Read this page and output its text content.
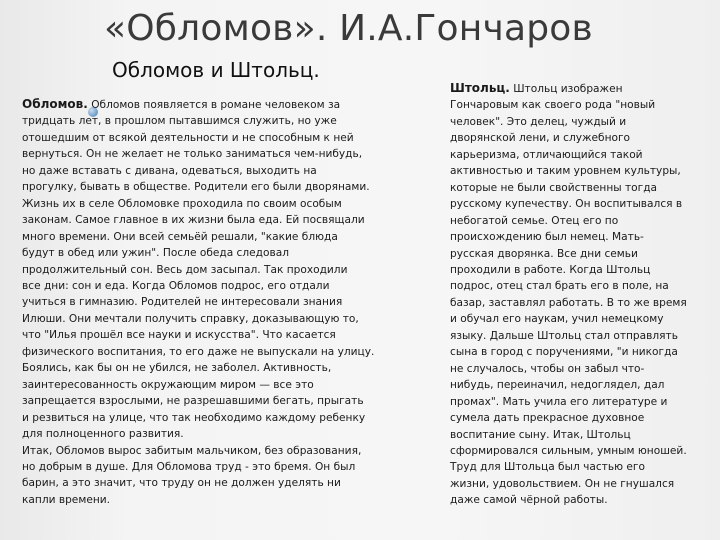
«Обломов». И.А.Гончаров
Обломов и Штольц.
Обломов. Обломов появляется в романе человеком за
тридцать лет, в прошлом пытавшимся служить, но уже
отошедшим от всякой деятельности и не способным к ней
вернуться. Он не желает не только заниматься чем-нибудь,
но даже вставать с дивана, одеваться, выходить на
прогулку, бывать в обществе. Родители его были дворянами.
Жизнь их в селе Обломовке проходила по своим особым
законам. Самое главное в их жизни была еда. Ей посвящали
много времени. Они всей семьёй решали, "какие блюда
будут в обед или ужин". После обеда следовал
продолжительный сон. Весь дом засыпал. Так проходили
все дни: сон и еда. Когда Обломов подрос, его отдали
учиться в гимназию. Родителей не интересовали знания
Илюши. Они мечтали получить справку, доказывающую то,
что "Илья прошёл все науки и искусства". Что касается
физического воспитания, то его даже не выпускали на улицу.
Боялись, как бы он не убился, не заболел. Активность,
заинтересованность окружающим миром — все это
запрещается взрослыми, не разрешавшими бегать, прыгать
и резвиться на улице, что так необходимо каждому ребенку
для полноценного развития.
Итак, Обломов вырос забитым мальчиком, без образования,
но добрым в душе. Для Обломова труд - это бремя. Он был
барин, а это значит, что труду он не должен уделять ни
капли времени.
Штольц. Штольц изображен
Гончаровым как своего рода "новый
человек". Это делец, чуждый и
дворянской лени, и служебного
карьеризма, отличающийся такой
активностью и таким уровнем культуры,
которые не были свойственны тогда
русскому купечеству. Он воспитывался в
небогатой семье. Отец его по
происхождению был немец. Мать-
русская дворянка. Все дни семьи
проходили в работе. Когда Штольц
подрос, отец стал брать его в поле, на
базар, заставлял работать. В то же время
и обучал его наукам, учил немецкому
языку. Дальше Штольц стал отправлять
сына в город с поручениями, "и никогда
не случалось, чтобы он забыл что-
нибудь, переиначил, недоглядел, дал
промах". Мать учила его литературе и
сумела дать прекрасное духовное
воспитание сыну. Итак, Штольц
сформировался сильным, умным юношей.
Труд для Штольца был частью его
жизни, удовольствием. Он не гнушался
даже самой чёрной работы.
